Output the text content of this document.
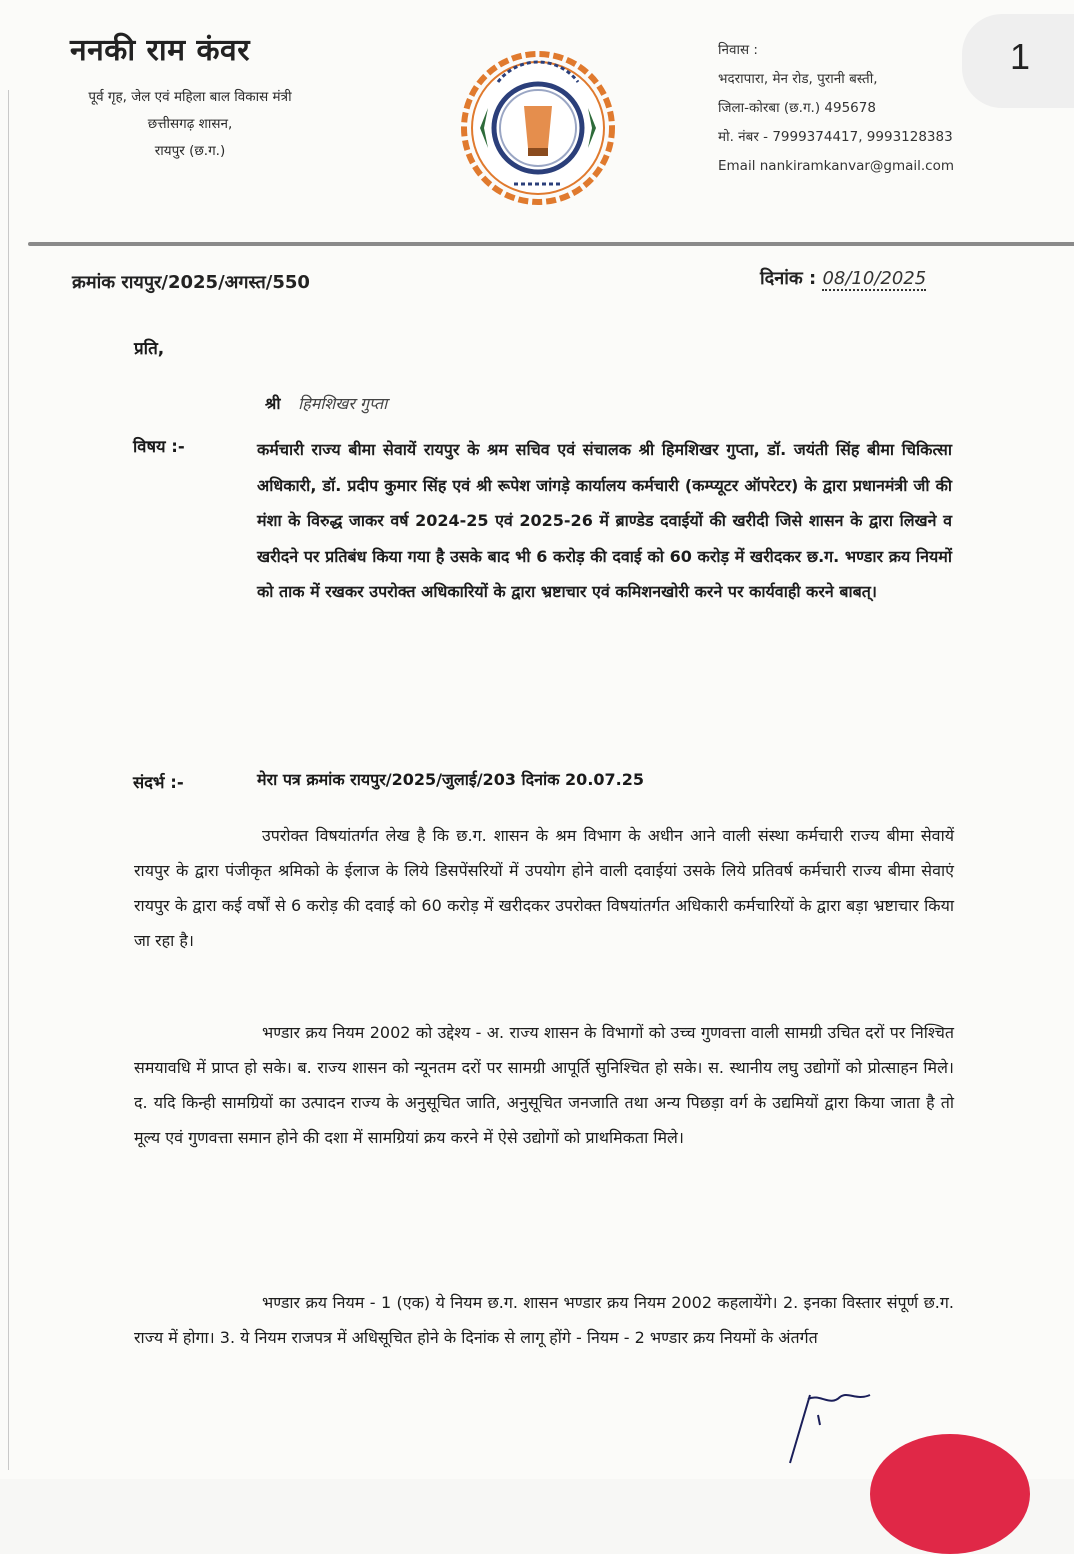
ननकी राम कंवर
पूर्व गृह, जेल एवं महिला बाल विकास मंत्री
छत्तीसगढ़ शासन,
रायपुर (छ.ग.)
निवास :
भदरापारा, मेन रोड, पुरानी बस्ती,
जिला-कोरबा (छ.ग.) 495678
मो. नंबर - 7999374417, 9993128383
Email nankiramkanvar@gmail.com
1
क्रमांक रायपुर/2025/अगस्त/550	दिनांक : 08/10/2025
प्रति,
श्री हिमशिखर गुप्ता
विषय :-	कर्मचारी राज्य बीमा सेवायें रायपुर के श्रम सचिव एवं संचालक श्री हिमशिखर गुप्ता, डॉ. जयंती सिंह बीमा चिकित्सा अधिकारी, डॉ. प्रदीप कुमार सिंह एवं श्री रूपेश जांगड़े कार्यालय कर्मचारी (कम्प्यूटर ऑपरेटर) के द्वारा प्रधानमंत्री जी की मंशा के विरुद्ध जाकर वर्ष 2024-25 एवं 2025-26 में ब्राण्डेड दवाईयों की खरीदी जिसे शासन के द्वारा लिखने व खरीदने पर प्रतिबंध किया गया है उसके बाद भी 6 करोड़ की दवाई को 60 करोड़ में खरीदकर छ.ग. भण्डार क्रय नियमों को ताक में रखकर उपरोक्त अधिकारियों के द्वारा भ्रष्टाचार एवं कमिशनखोरी करने पर कार्यवाही करने बाबत्।
संदर्भ :-	मेरा पत्र क्रमांक रायपुर/2025/जुलाई/203 दिनांक 20.07.25
उपरोक्त विषयांतर्गत लेख है कि छ.ग. शासन के श्रम विभाग के अधीन आने वाली संस्था कर्मचारी राज्य बीमा सेवायें रायपुर के द्वारा पंजीकृत श्रमिको के ईलाज के लिये डिसपेंसरियों में उपयोग होने वाली दवाईयां उसके लिये प्रतिवर्ष कर्मचारी राज्य बीमा सेवाएं रायपुर के द्वारा कई वर्षों से 6 करोड़ की दवाई को 60 करोड़ में खरीदकर उपरोक्त विषयांतर्गत अधिकारी कर्मचारियों के द्वारा बड़ा भ्रष्टाचार किया जा रहा है।
भण्डार क्रय नियम 2002 को उद्देश्य - अ. राज्य शासन के विभागों को उच्च गुणवत्ता वाली सामग्री उचित दरों पर निश्चित समयावधि में प्राप्त हो सके। ब. राज्य शासन को न्यूनतम दरों पर सामग्री आपूर्ति सुनिश्चित हो सके। स. स्थानीय लघु उद्योगों को प्रोत्साहन मिले। द. यदि किन्ही सामग्रियों का उत्पादन राज्य के अनुसूचित जाति, अनुसूचित जनजाति तथा अन्य पिछड़ा वर्ग के उद्यमियों द्वारा किया जाता है तो मूल्य एवं गुणवत्ता समान होने की दशा में सामग्रियां क्रय करने में ऐसे उद्योगों को प्राथमिकता मिले।
भण्डार क्रय नियम - 1 (एक) ये नियम छ.ग. शासन भण्डार क्रय नियम 2002 कहलायेंगे। 2. इनका विस्तार संपूर्ण छ.ग. राज्य में होगा। 3. ये नियम राजपत्र में अधिसूचित होने के दिनांक से लागू होंगे - नियम - 2 भण्डार क्रय नियमों के अंतर्गत
